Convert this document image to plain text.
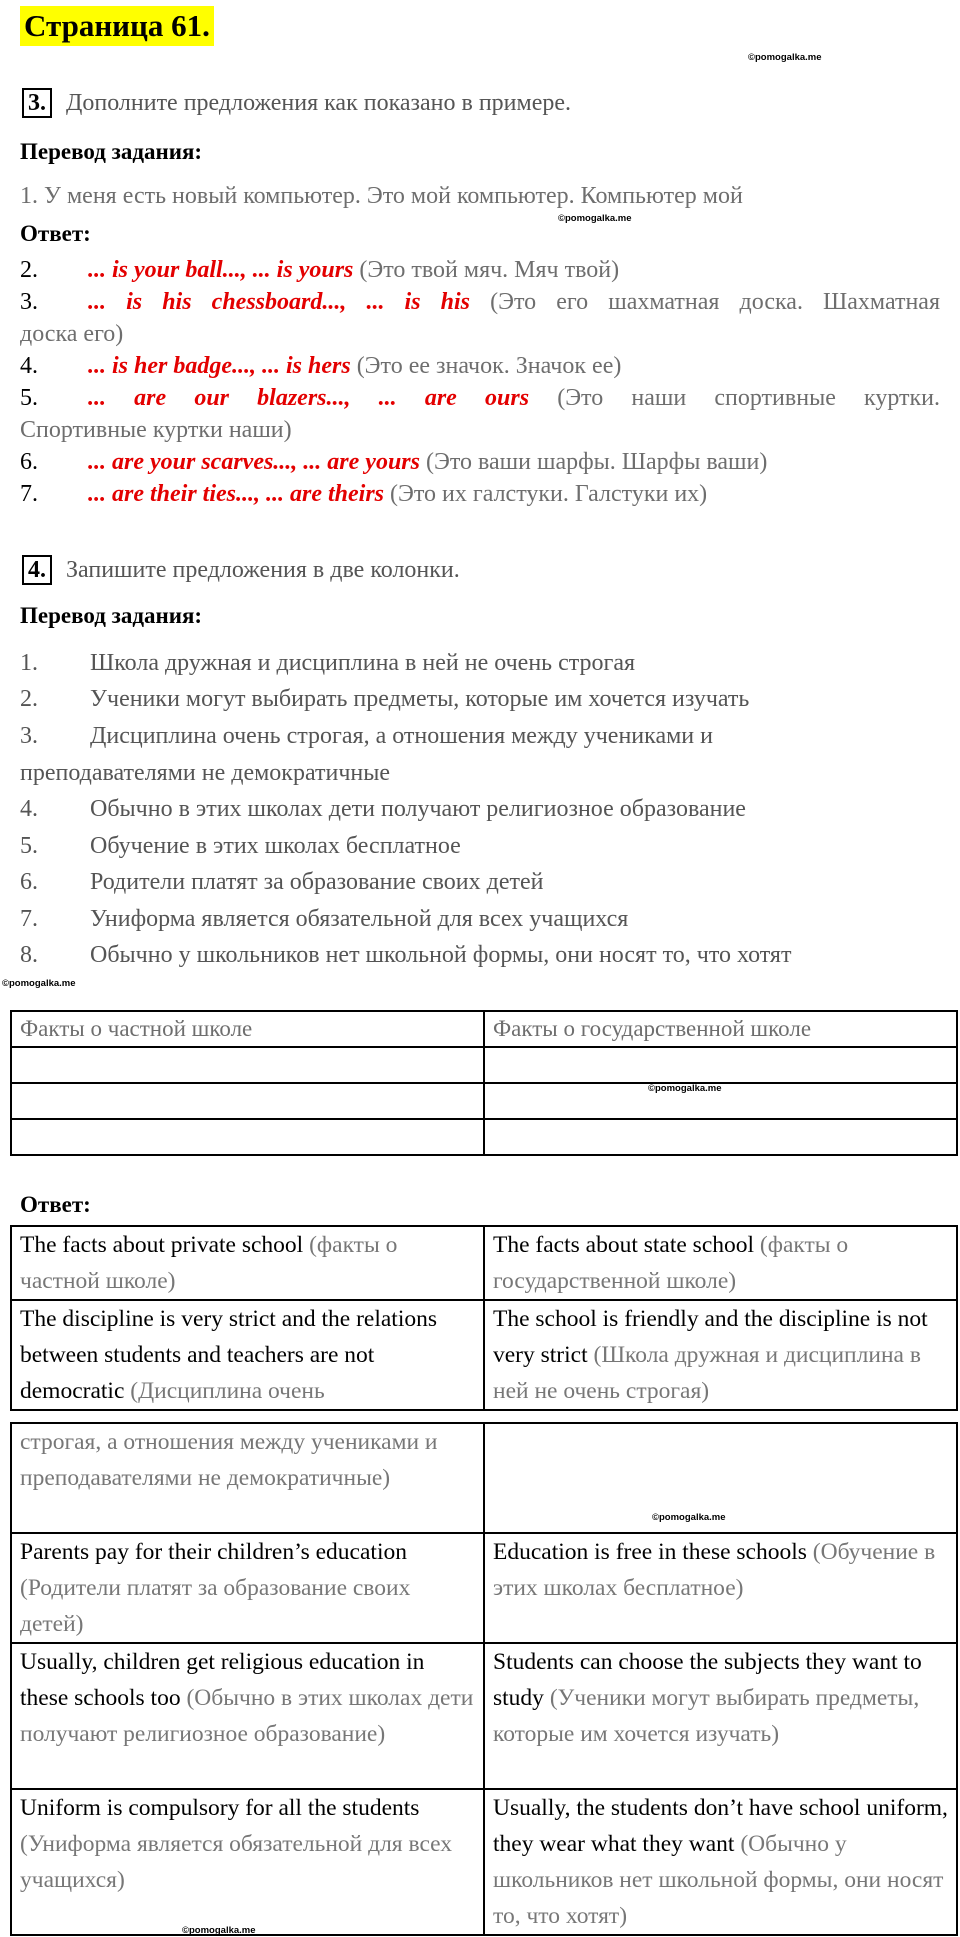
Страница 61.
©pomogalka.me
3. Дополните предложения как показано в примере.
Перевод задания:
1. У меня есть новый компьютер. Это мой компьютер. Компьютер мой
Ответ:
©pomogalka.me
2. ... is your ball..., ... is yours (Это твой мяч. Мяч твой)
3. ... is his chessboard..., ... is his (Это его шахматная доска. Шахматная
доска его)
4. ... is her badge..., ... is hers (Это ее значок. Значок ее)
5. ... are our blazers..., ... are ours (Это наши спортивные куртки.
Спортивные куртки наши)
6. ... are your scarves..., ... are yours (Это ваши шарфы. Шарфы ваши)
7. ... are their ties..., ... are theirs (Это их галстуки. Галстуки их)
4. Запишите предложения в две колонки.
Перевод задания:
1. Школа дружная и дисциплина в ней не очень строгая
2. Ученики могут выбирать предметы, которые им хочется изучать
3. Дисциплина очень строгая, а отношения между учениками и
преподавателями не демократичные
4. Обычно в этих школах дети получают религиозное образование
5. Обучение в этих школах бесплатное
6. Родители платят за образование своих детей
7. Униформа является обязательной для всех учащихся
8. Обычно у школьников нет школьной формы, они носят то, что хотят
©pomogalka.me
Факты о частной школе	Факты о государственной школе

©pomogalka.me
Ответ:
The facts about private school (факты о частной школе)	The facts about state school (факты о государственной школе)
The discipline is very strict and the relations between students and teachers are not democratic (Дисциплина очень	The school is friendly and the discipline is not very strict (Школа дружная и дисциплина в ней не очень строгая)
строгая, а отношения между учениками и преподавателями не демократичные)	
Parents pay for their children’s education (Родители платят за образование своих детей)	Education is free in these schools (Обучение в этих школах бесплатное)
Usually, children get religious education in these schools too (Обычно в этих школах дети получают религиозное образование)	Students can choose the subjects they want to study (Ученики могут выбирать предметы, которые им хочется изучать)
Uniform is compulsory for all the students (Униформа является обязательной для всех учащихся)	Usually, the students don’t have school uniform, they wear what they want (Обычно у школьников нет школьной формы, они носят то, что хотят)
©pomogalka.me
©pomogalka.me
